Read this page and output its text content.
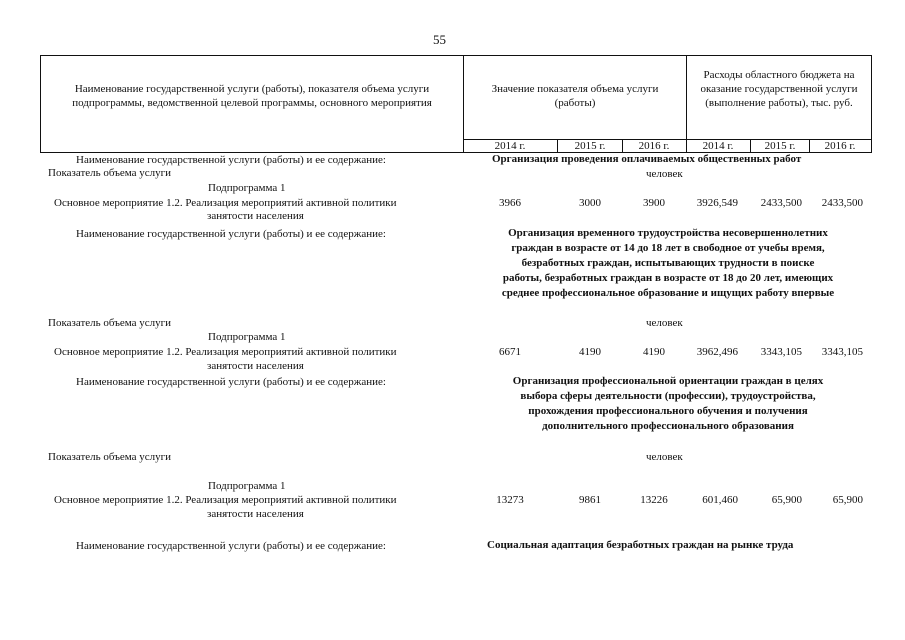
55
Наименование государственной услуги (работы), показателя объема услуги подпрограммы, ведомственной целевой программы, основного мероприятия
Значение показателя объема услуги (работы)
Расходы областного бюджета на оказание государственной услуги (выполнение работы), тыс. руб.
2014 г.	2015 г.	2016 г.	2014 г.	2015 г.	2016 г.
Наименование государственной услуги (работы) и ее содержание:	Организация проведения оплачиваемых общественных работ
Показатель объема услуги	человек
Подпрограмма 1
Основное мероприятие 1.2. Реализация мероприятий активной политики
занятости населения
3966	3000	3900	3926,549	2433,500	2433,500
Наименование государственной услуги (работы) и ее содержание:	Организация временного трудоустройства несовершеннолетних
граждан в возрасте от 14 до 18 лет в свободное от учебы время,
безработных граждан, испытывающих трудности в поиске
работы, безработных граждан в возрасте от 18 до 20 лет, имеющих
среднее профессиональное образование и ищущих работу впервые
Показатель объема услуги	человек
Подпрограмма 1
Основное мероприятие 1.2. Реализация мероприятий активной политики
занятости населения
6671	4190	4190	3962,496	3343,105	3343,105
Наименование государственной услуги (работы) и ее содержание:	Организация профессиональной ориентации граждан в целях
выбора сферы деятельности (профессии), трудоустройства,
прохождения профессионального обучения и получения
дополнительного профессионального образования
Показатель объема услуги	человек
Подпрограмма 1
Основное мероприятие 1.2. Реализация мероприятий активной политики
занятости населения
13273	9861	13226	601,460	65,900	65,900
Наименование государственной услуги (работы) и ее содержание:	Социальная адаптация безработных граждан на рынке труда
